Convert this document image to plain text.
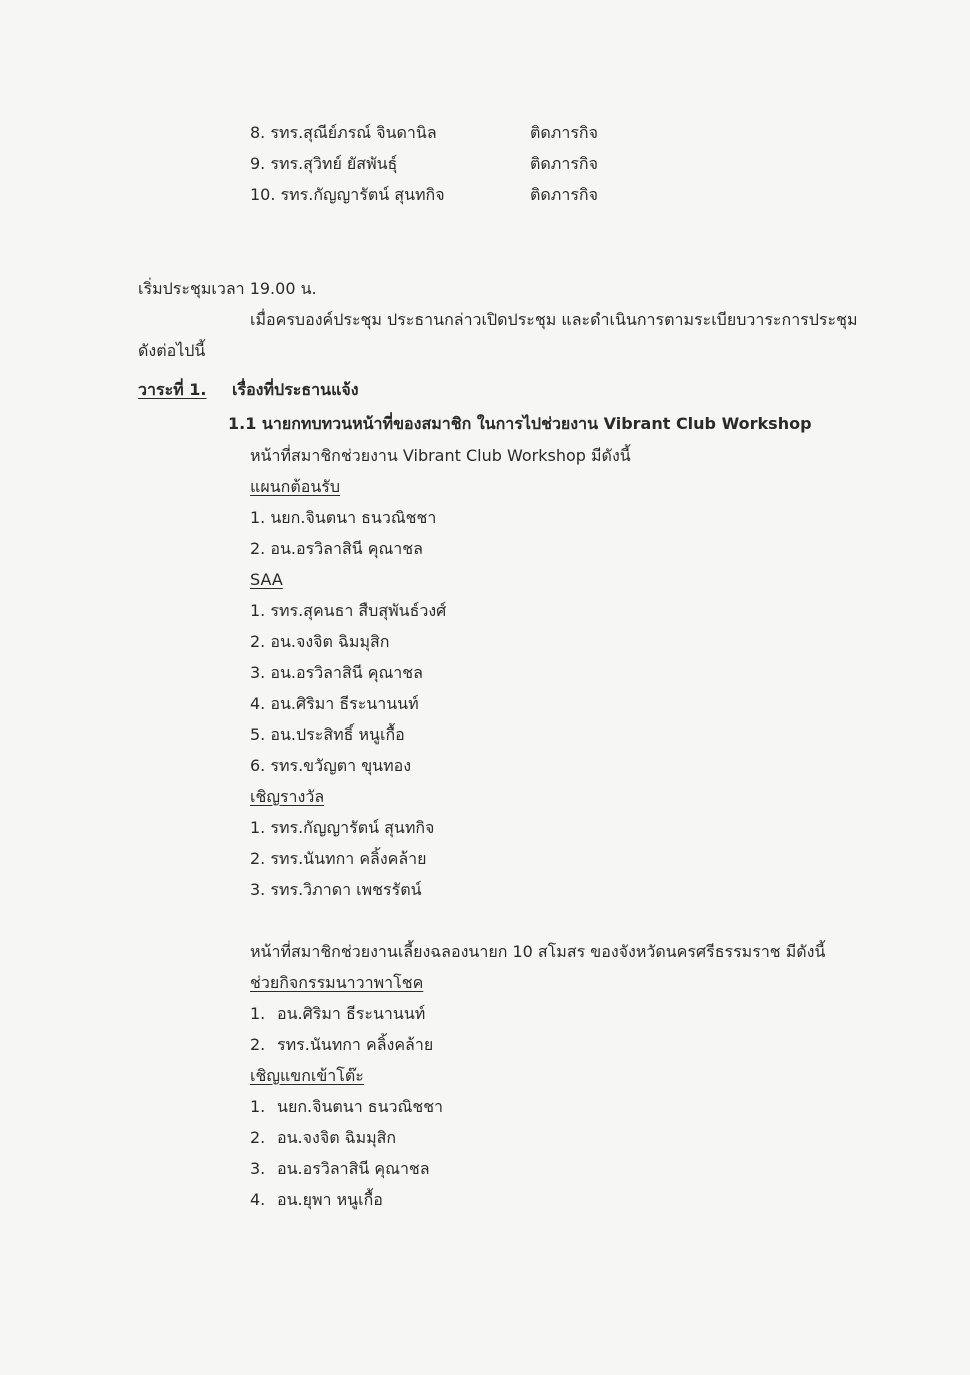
8. รทร.สุณีย์ภรณ์ จินดานิล	ติดภารกิจ
9. รทร.สุวิทย์ ยัสพันธุ์	ติดภารกิจ
10. รทร.กัญญารัตน์ สุนทกิจ	ติดภารกิจ
เริ่มประชุมเวลา 19.00 น.
เมื่อครบองค์ประชุม ประธานกล่าวเปิดประชุม และดำเนินการตามระเบียบวาระการประชุม
ดังต่อไปนี้
วาระที่ 1. เรื่องที่ประธานแจ้ง
1.1 นายกทบทวนหน้าที่ของสมาชิก ในการไปช่วยงาน Vibrant Club Workshop
หน้าที่สมาชิกช่วยงาน Vibrant Club Workshop มีดังนี้
แผนกต้อนรับ
1. นยก.จินตนา ธนวณิชชา
2. อน.อรวิลาสินี คุณาชล
SAA
1. รทร.สุคนธา สืบสุพันธ์วงศ์
2. อน.จงจิต ฉิมมุสิก
3. อน.อรวิลาสินี คุณาชล
4. อน.ศิริมา ธีระนานนท์
5. อน.ประสิทธิ์ หนูเกื้อ
6. รทร.ขวัญตา ขุนทอง
เชิญรางวัล
1. รทร.กัญญารัตน์ สุนทกิจ
2. รทร.นันทกา คลิ้งคล้าย
3. รทร.วิภาดา เพชรรัตน์
หน้าที่สมาชิกช่วยงานเลี้ยงฉลองนายก 10 สโมสร ของจังหวัดนครศรีธรรมราช มีดังนี้
ช่วยกิจกรรมนาวาพาโชค
1. อน.ศิริมา ธีระนานนท์
2. รทร.นันทกา คลิ้งคล้าย
เชิญแขกเข้าโต๊ะ
1. นยก.จินตนา ธนวณิชชา
2. อน.จงจิต ฉิมมุสิก
3. อน.อรวิลาสินี คุณาชล
4. อน.ยุพา หนูเกื้อ
